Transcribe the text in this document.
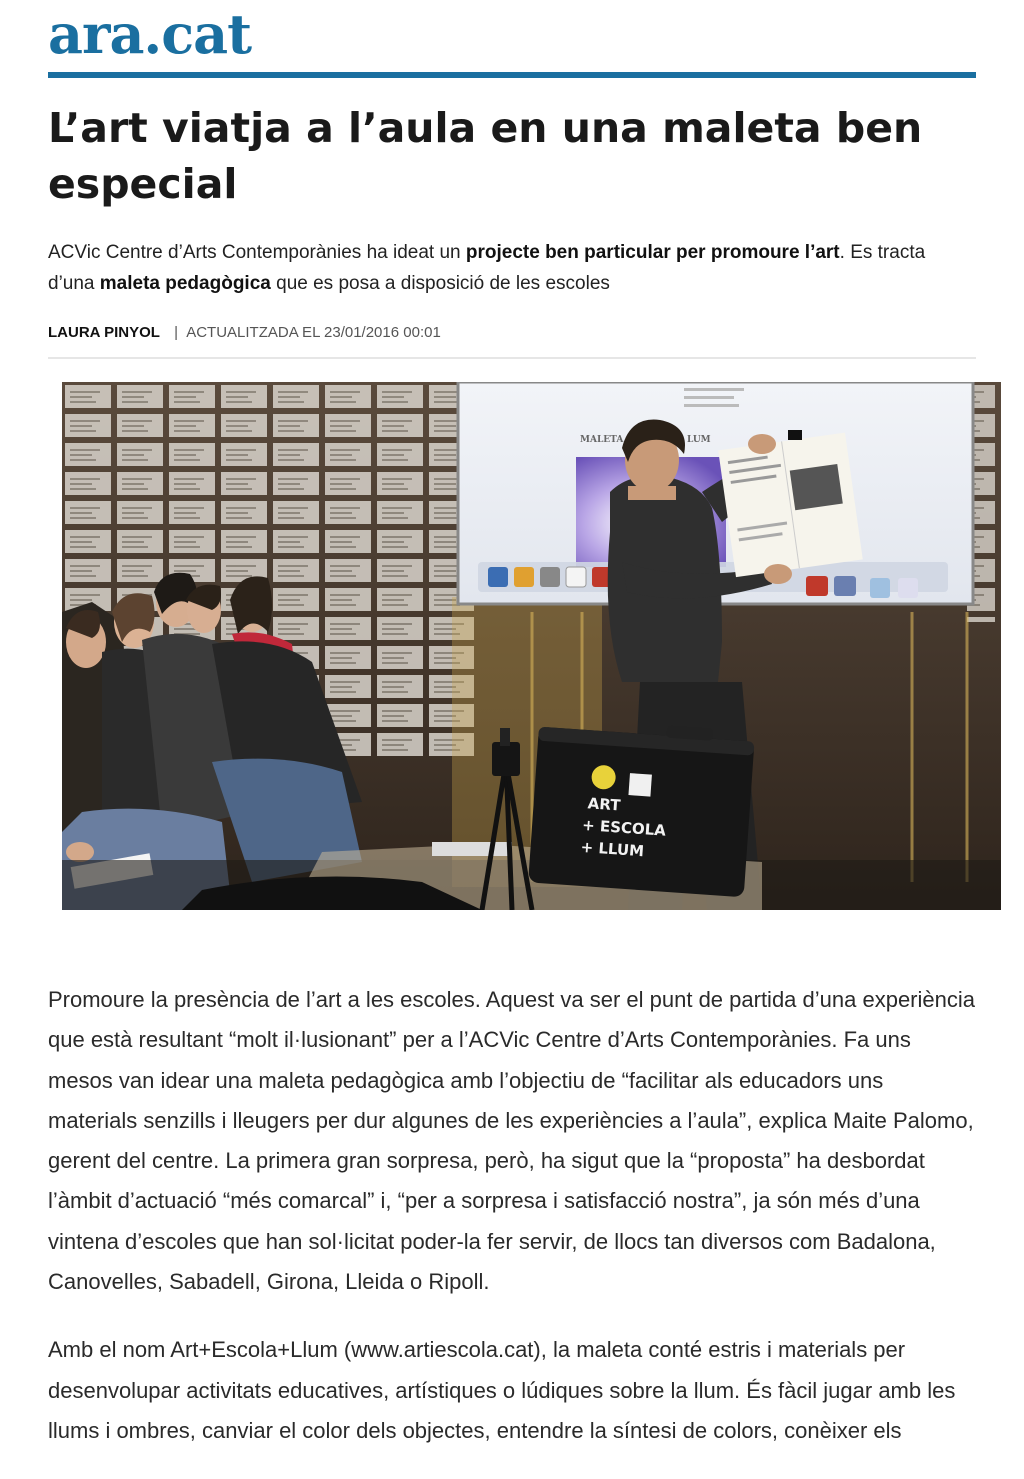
ara.cat
L’art viatja a l’aula en una maleta ben especial

ACVic Centre d’Arts Contemporànies ha ideat un projecte ben particular per promoure l’art. Es tracta d’una maleta pedagògica que es posa a disposició de les escoles

LAURA PINYOL | ACTUALITZADA EL 23/01/2016 00:01
MALETA	LUM
ART
+ ESCOLA
+ LLUM

Promoure la presència de l’art a les escoles. Aquest va ser el punt de partida d’una experiència que està resultant “molt il·lusionant” per a l’ACVic Centre d’Arts Contemporànies. Fa uns mesos van idear una maleta pedagògica amb l’objectiu de “facilitar als educadors uns materials senzills i lleugers per dur algunes de les experiències a l’aula”, explica Maite Palomo, gerent del centre. La primera gran sorpresa, però, ha sigut que la “proposta” ha desbordat l’àmbit d’actuació “més comarcal” i, “per a sorpresa i satisfacció nostra”, ja són més d’una vintena d’escoles que han sol·licitat poder-la fer servir, de llocs tan diversos com Badalona, Canovelles, Sabadell, Girona, Lleida o Ripoll.

Amb el nom Art+Escola+Llum (www.artiescola.cat), la maleta conté estris i materials per desenvolupar activitats educatives, artístiques o lúdiques sobre la llum. És fàcil jugar amb les llums i ombres, canviar el color dels objectes, entendre la síntesi de colors, conèixer els
